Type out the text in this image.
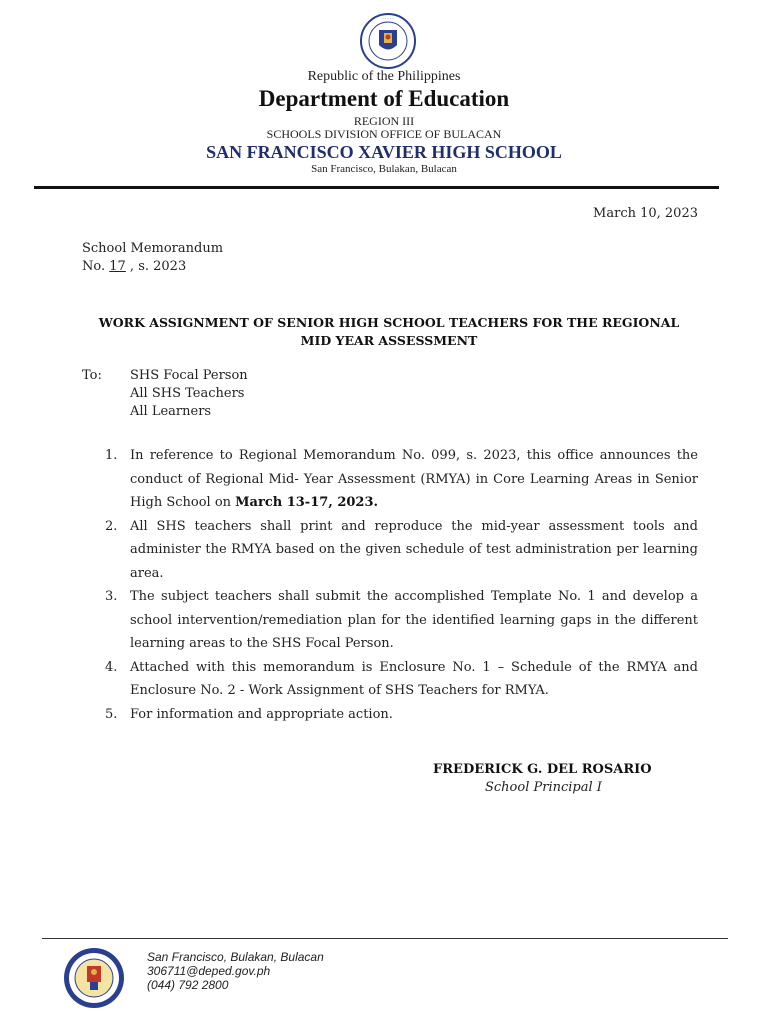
· · · · ·
Republic of the Philippines
Department of Education
REGION III
SCHOOLS DIVISION OFFICE OF BULACAN
SAN FRANCISCO XAVIER HIGH SCHOOL
San Francisco, Bulakan, Bulacan
March 10, 2023
School Memorandum
No. 17 , s. 2023
WORK ASSIGNMENT OF SENIOR HIGH SCHOOL TEACHERS FOR THE REGIONAL MID YEAR ASSESSMENT
To: SHS Focal Person
All SHS Teachers
All Learners
1. In reference to Regional Memorandum No. 099, s. 2023, this office announces the conduct of Regional Mid- Year Assessment (RMYA) in Core Learning Areas in Senior High School on March 13-17, 2023.
2. All SHS teachers shall print and reproduce the mid-year assessment tools and administer the RMYA based on the given schedule of test administration per learning area.
3. The subject teachers shall submit the accomplished Template No. 1 and develop a school intervention/remediation plan for the identified learning gaps in the different learning areas to the SHS Focal Person.
4. Attached with this memorandum is Enclosure No. 1 – Schedule of the RMYA and Enclosure No. 2 - Work Assignment of SHS Teachers for RMYA.
5. For information and appropriate action.
FREDERICK G. DEL ROSARIO
School Principal I
San Francisco, Bulakan, Bulacan
306711@deped.gov.ph
(044) 792 2800
